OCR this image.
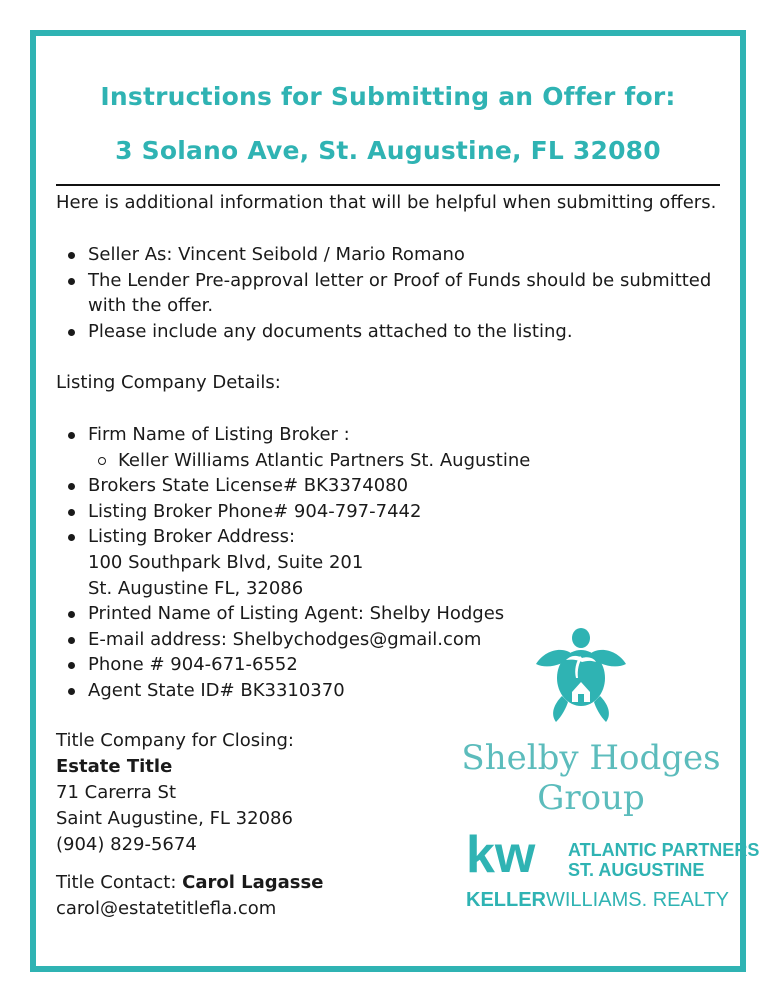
Instructions for Submitting an Offer for:
3 Solano Ave, St. Augustine, FL 32080
Here is additional information that will be helpful when submitting offers.
Seller As: Vincent Seibold / Mario Romano
The Lender Pre-approval letter or Proof of Funds should be submitted
with the offer.
Please include any documents attached to the listing.
Listing Company Details:
Firm Name of Listing Broker :
Keller Williams Atlantic Partners St. Augustine
Brokers State License# BK3374080
Listing Broker Phone# 904-797-7442
Listing Broker Address:
100 Southpark Blvd, Suite 201
St. Augustine FL, 32086
Printed Name of Listing Agent: Shelby Hodges
E-mail address: Shelbychodges@gmail.com
Phone # 904-671-6552
Agent State ID# BK3310370
Title Company for Closing:
Estate Title
71 Carerra St
Saint Augustine, FL 32086
(904) 829-5674
Title Contact: Carol Lagasse
carol@estatetitlefla.com
Shelby Hodges
Group
kw ATLANTIC PARTNERS
ST. AUGUSTINE
KELLERWILLIAMS. REALTY
